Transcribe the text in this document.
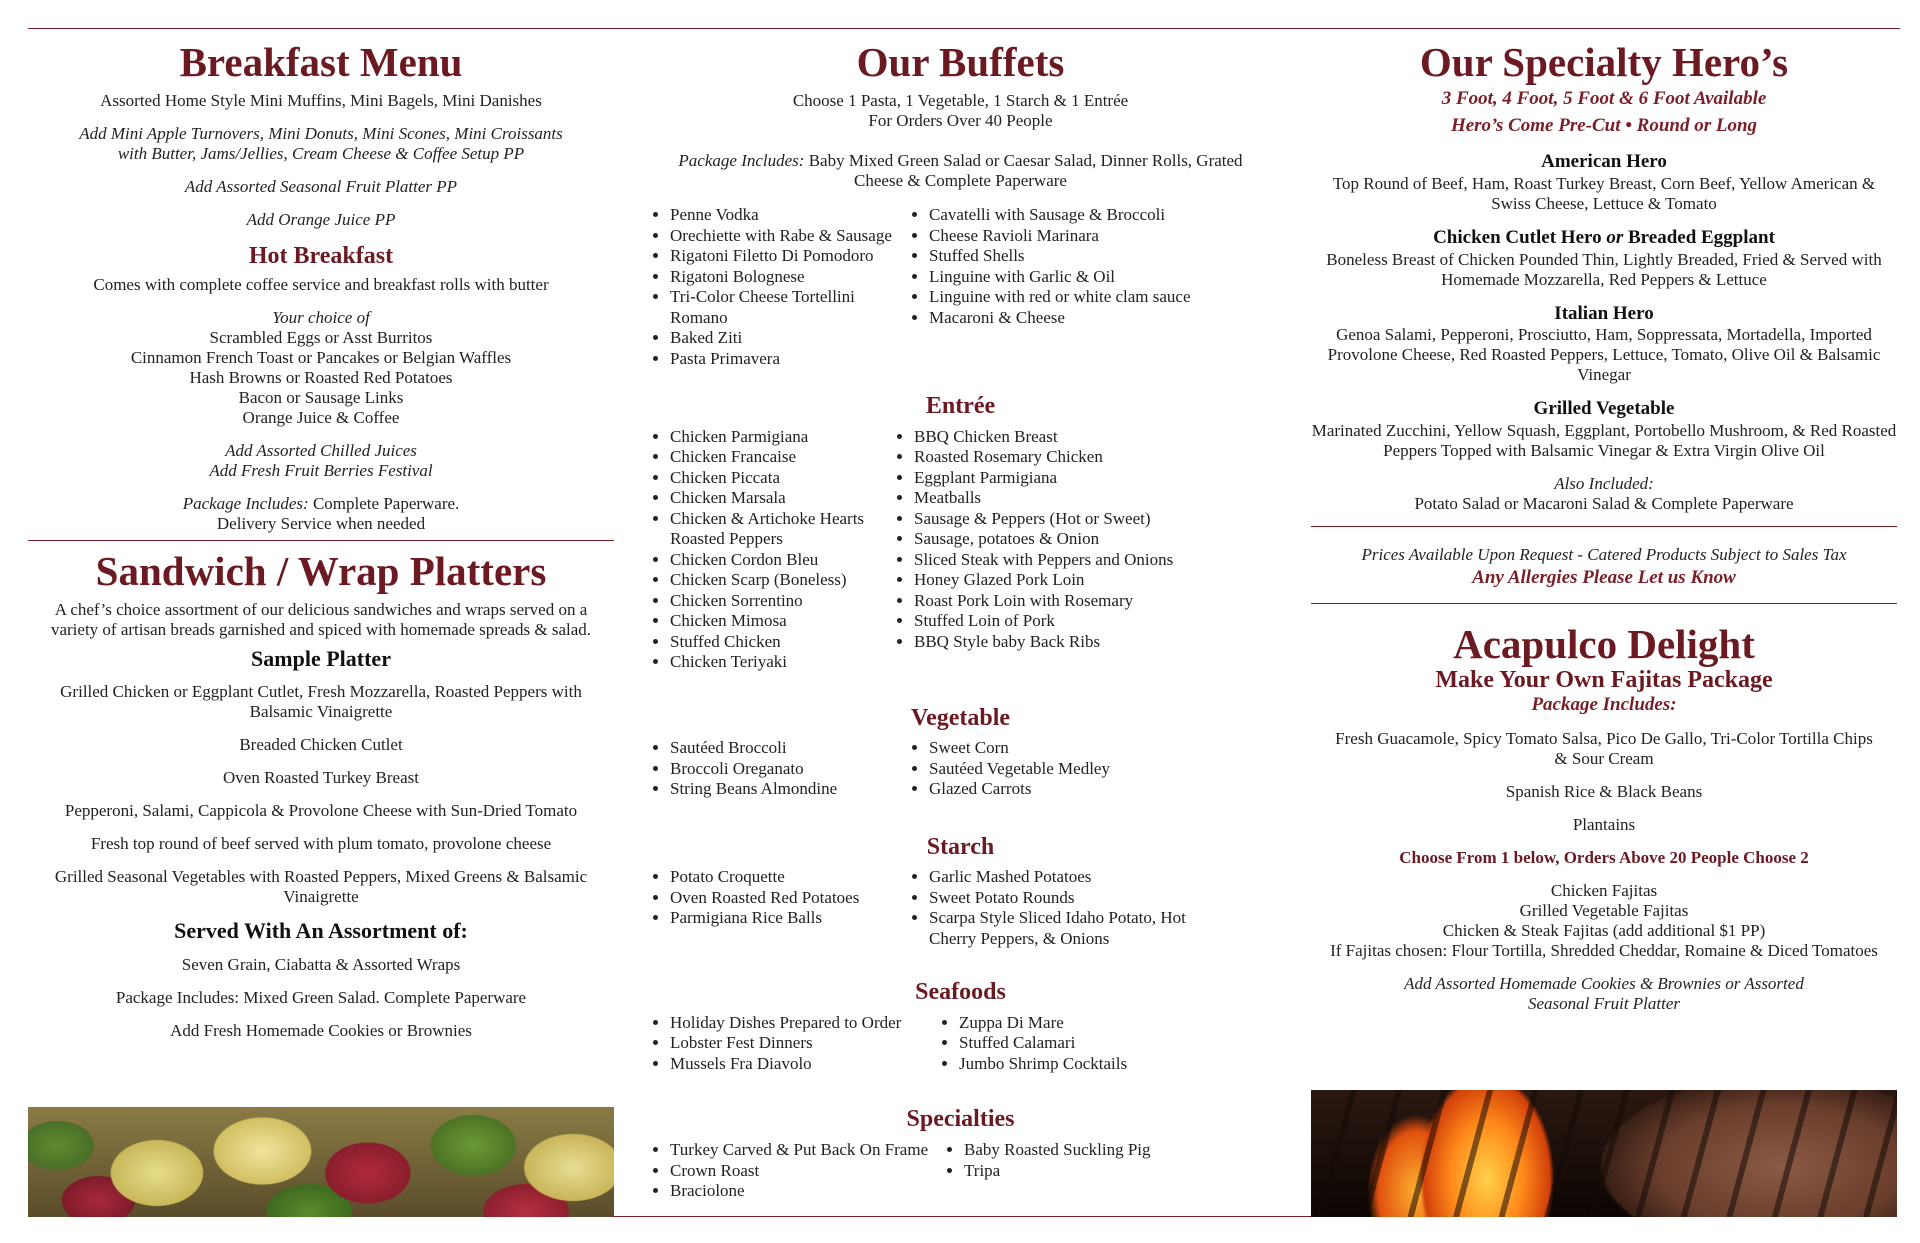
Breakfast Menu

Assorted Home Style Mini Muffins, Mini Bagels, Mini Danishes

Add Mini Apple Turnovers, Mini Donuts, Mini Scones, Mini Croissants with Butter, Jams/Jellies, Cream Cheese & Coffee Setup PP

Add Assorted Seasonal Fruit Platter PP

Add Orange Juice PP

Hot Breakfast

Comes with complete coffee service and breakfast rolls with butter

Your choice of

Scrambled Eggs or Asst Burritos

Cinnamon French Toast or Pancakes or Belgian Waffles

Hash Browns or Roasted Red Potatoes

Bacon or Sausage Links

Orange Juice & Coffee

Add Assorted Chilled Juices

Add Fresh Fruit Berries Festival

Package Includes: Complete Paperware.

Delivery Service when needed

Sandwich / Wrap Platters

A chef’s choice assortment of our delicious sandwiches and wraps served on a variety of artisan breads garnished and spiced with homemade spreads & salad.

Sample Platter

Grilled Chicken or Eggplant Cutlet, Fresh Mozzarella, Roasted Peppers with Balsamic Vinaigrette

Breaded Chicken Cutlet

Oven Roasted Turkey Breast

Pepperoni, Salami, Cappicola & Provolone Cheese with Sun-Dried Tomato

Fresh top round of beef served with plum tomato, provolone cheese

Grilled Seasonal Vegetables with Roasted Peppers, Mixed Greens & Balsamic Vinaigrette

Served With An Assortment of:

Seven Grain, Ciabatta & Assorted Wraps

Package Includes: Mixed Green Salad. Complete Paperware

Add Fresh Homemade Cookies or Brownies

Our Buffets

Choose 1 Pasta, 1 Vegetable, 1 Starch & 1 Entrée

For Orders Over 40 People

Package Includes: Baby Mixed Green Salad or Caesar Salad, Dinner Rolls, Grated Cheese & Complete Paperware

• Penne Vodka
• Orechiette with Rabe & Sausage
• Rigatoni Filetto Di Pomodoro
• Rigatoni Bolognese
• Tri-Color Cheese Tortellini Romano
• Baked Ziti
• Pasta Primavera
• Cavatelli with Sausage & Broccoli
• Cheese Ravioli Marinara
• Stuffed Shells
• Linguine with Garlic & Oil
• Linguine with red or white clam sauce
• Macaroni & Cheese
Entrée
• Chicken Parmigiana
• Chicken Francaise
• Chicken Piccata
• Chicken Marsala
• Chicken & Artichoke Hearts Roasted Peppers
• Chicken Cordon Bleu
• Chicken Scarp (Boneless)
• Chicken Sorrentino
• Chicken Mimosa
• Stuffed Chicken
• Chicken Teriyaki
• BBQ Chicken Breast
• Roasted Rosemary Chicken
• Eggplant Parmigiana
• Meatballs
• Sausage & Peppers (Hot or Sweet)
• Sausage, potatoes & Onion
• Sliced Steak with Peppers and Onions
• Honey Glazed Pork Loin
• Roast Pork Loin with Rosemary
• Stuffed Loin of Pork
• BBQ Style baby Back Ribs
Vegetable
• Sautéed Broccoli
• Broccoli Oreganato
• String Beans Almondine
• Sweet Corn
• Sautéed Vegetable Medley
• Glazed Carrots
Starch
• Potato Croquette
• Oven Roasted Red Potatoes
• Parmigiana Rice Balls
• Garlic Mashed Potatoes
• Sweet Potato Rounds
• Scarpa Style Sliced Idaho Potato, Hot Cherry Peppers, & Onions
Seafoods
• Holiday Dishes Prepared to Order
• Lobster Fest Dinners
• Mussels Fra Diavolo
• Zuppa Di Mare
• Stuffed Calamari
• Jumbo Shrimp Cocktails
Specialties
• Turkey Carved & Put Back On Frame
• Crown Roast
• Braciolone
• Baby Roasted Suckling Pig
• Tripa
Our Specialty Hero’s

3 Foot, 4 Foot, 5 Foot & 6 Foot Available

Hero’s Come Pre-Cut • Round or Long

American Hero

Top Round of Beef, Ham, Roast Turkey Breast, Corn Beef, Yellow American & Swiss Cheese, Lettuce & Tomato

Chicken Cutlet Hero or Breaded Eggplant

Boneless Breast of Chicken Pounded Thin, Lightly Breaded, Fried & Served with Homemade Mozzarella, Red Peppers & Lettuce

Italian Hero

Genoa Salami, Pepperoni, Prosciutto, Ham, Soppressata, Mortadella, Imported Provolone Cheese, Red Roasted Peppers, Lettuce, Tomato, Olive Oil & Balsamic Vinegar

Grilled Vegetable

Marinated Zucchini, Yellow Squash, Eggplant, Portobello Mushroom, & Red Roasted Peppers Topped with Balsamic Vinegar & Extra Virgin Olive Oil

Also Included:

Potato Salad or Macaroni Salad & Complete Paperware

Prices Available Upon Request - Catered Products Subject to Sales Tax

Any Allergies Please Let us Know

Acapulco Delight
Make Your Own Fajitas Package

Package Includes:

Fresh Guacamole, Spicy Tomato Salsa, Pico De Gallo, Tri-Color Tortilla Chips & Sour Cream

Spanish Rice & Black Beans

Plantains

Choose From 1 below, Orders Above 20 People Choose 2

Chicken Fajitas

Grilled Vegetable Fajitas

Chicken & Steak Fajitas (add additional $1 PP)

If Fajitas chosen: Flour Tortilla, Shredded Cheddar, Romaine & Diced Tomatoes

Add Assorted Homemade Cookies & Brownies or Assorted Seasonal Fruit Platter
